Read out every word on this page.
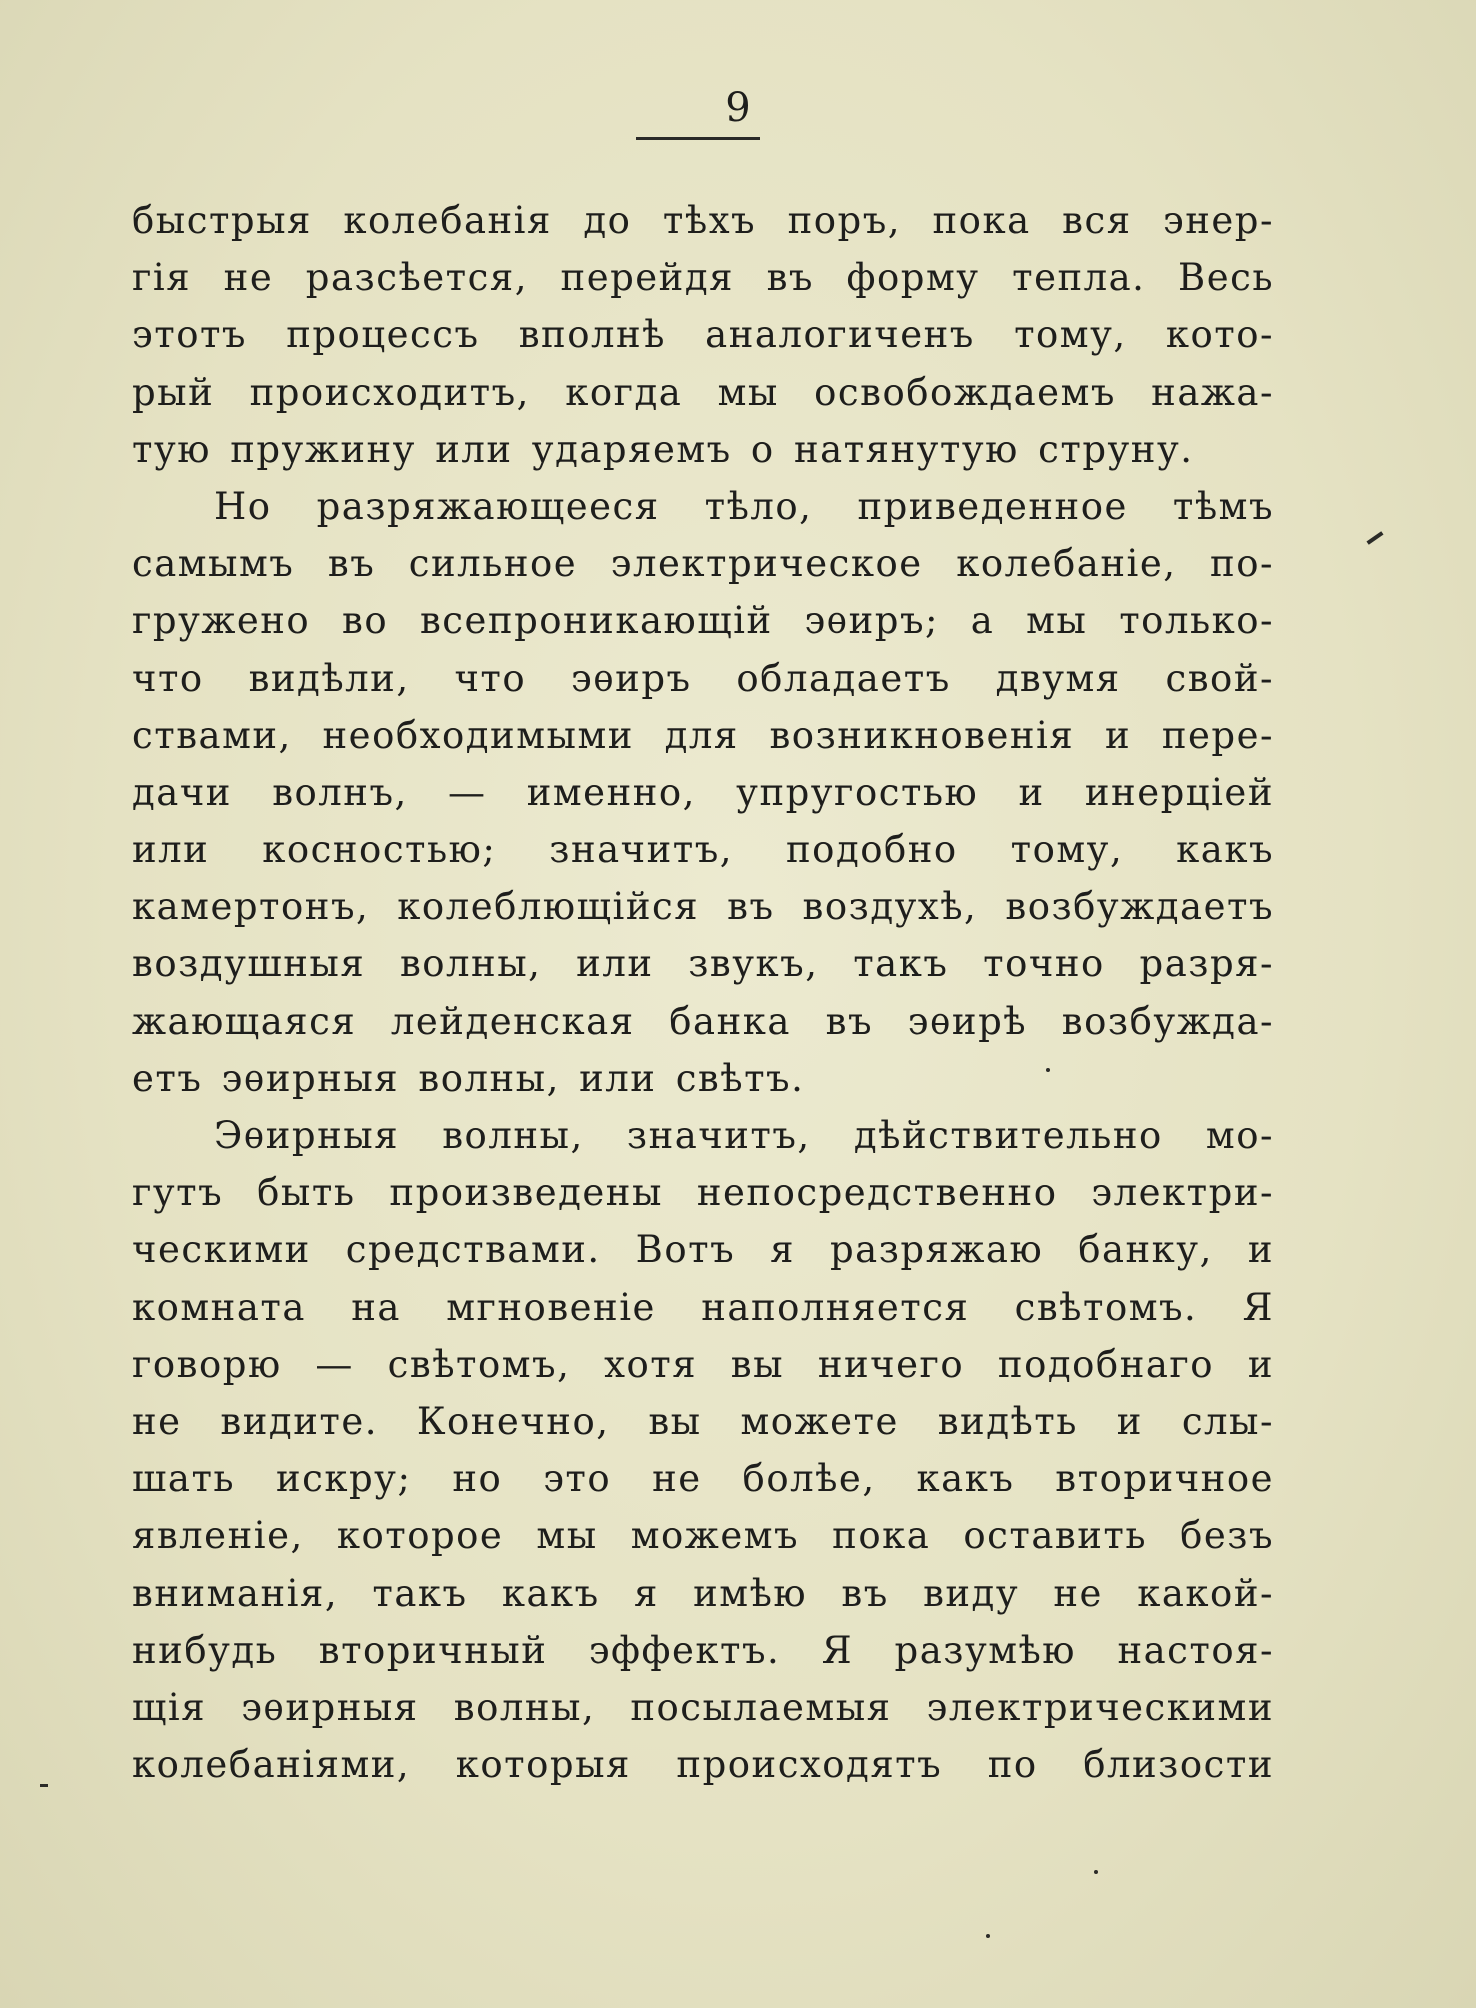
9
быстрыя колебанія до тѣхъ поръ, пока вся энер-
гія не разсѣется, перейдя въ форму тепла. Весь
этотъ процессъ вполнѣ аналогиченъ тому, кото-
рый происходитъ, когда мы освобождаемъ нажа-
тую пружину или ударяемъ о натянутую струну.
Но разряжающееся тѣло, приведенное тѣмъ
самымъ въ сильное электрическое колебаніе, по-
гружено во всепроникающій эѳиръ; а мы только-
что видѣли, что эѳиръ обладаетъ двумя свой-
ствами, необходимыми для возникновенія и пере-
дачи волнъ, — именно, упругостью и инерціей
или косностью; значитъ, подобно тому, какъ
камертонъ, колеблющійся въ воздухѣ, возбуждаетъ
воздушныя волны, или звукъ, такъ точно разря-
жающаяся лейденская банка въ эѳирѣ возбужда-
етъ эѳирныя волны, или свѣтъ.
Эѳирныя волны, значитъ, дѣйствительно мо-
гутъ быть произведены непосредственно электри-
ческими средствами. Вотъ я разряжаю банку, и
комната на мгновеніе наполняется свѣтомъ. Я
говорю — свѣтомъ, хотя вы ничего подобнаго и
не видите. Конечно, вы можете видѣть и слы-
шать искру; но это не болѣе, какъ вторичное
явленіе, которое мы можемъ пока оставить безъ
вниманія, такъ какъ я имѣю въ виду не какой-
нибудь вторичный эффектъ. Я разумѣю настоя-
щія эѳирныя волны, посылаемыя электрическими
колебаніями, которыя происходятъ по близости
